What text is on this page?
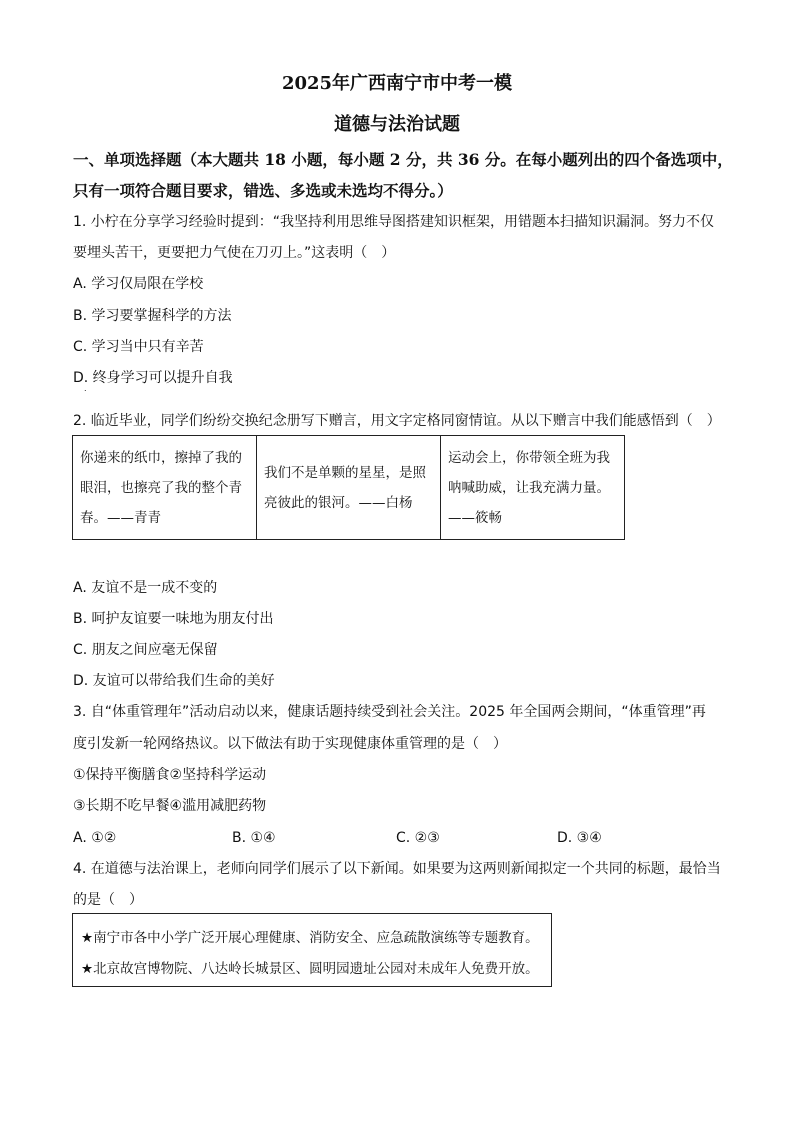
2025年广西南宁市中考一模
道德与法治试题
一、单项选择题（本大题共 18 小题，每小题 2 分，共 36 分。在每小题列出的四个备选项中，
只有一项符合题目要求，错选、多选或未选均不得分。）
1. 小柠在分享学习经验时提到：“我坚持利用思维导图搭建知识框架，用错题本扫描知识漏洞。努力不仅
要埋头苦干，更要把力气使在刀刃上。”这表明（　）
A. 学习仅局限在学校
B. 学习要掌握科学的方法
C. 学习当中只有辛苦
D. 终身学习可以提升自我
.
2. 临近毕业，同学们纷纷交换纪念册写下赠言，用文字定格同窗情谊。从以下赠言中我们能感悟到（　）
你递来的纸巾，擦掉了我的
眼泪，也擦亮了我的整个青
春。——青青

我们不是单颗的星星，是照
亮彼此的银河。——白杨

运动会上，你带领全班为我
呐喊助威，让我充满力量。
——筱畅
A. 友谊不是一成不变的
B. 呵护友谊要一味地为朋友付出
C. 朋友之间应毫无保留
D. 友谊可以带给我们生命的美好
3. 自“体重管理年”活动启动以来，健康话题持续受到社会关注。2025 年全国两会期间，“体重管理”再
度引发新一轮网络热议。以下做法有助于实现健康体重管理的是（　）
①保持平衡膳食②坚持科学运动
③长期不吃早餐④滥用减肥药物
A. ①②	B. ①④	C. ②③	D. ③④
4. 在道德与法治课上，老师向同学们展示了以下新闻。如果要为这两则新闻拟定一个共同的标题，最恰当
的是（　）
★南宁市各中小学广泛开展心理健康、消防安全、应急疏散演练等专题教育。
★北京故宫博物院、八达岭长城景区、圆明园遗址公园对未成年人免费开放。
